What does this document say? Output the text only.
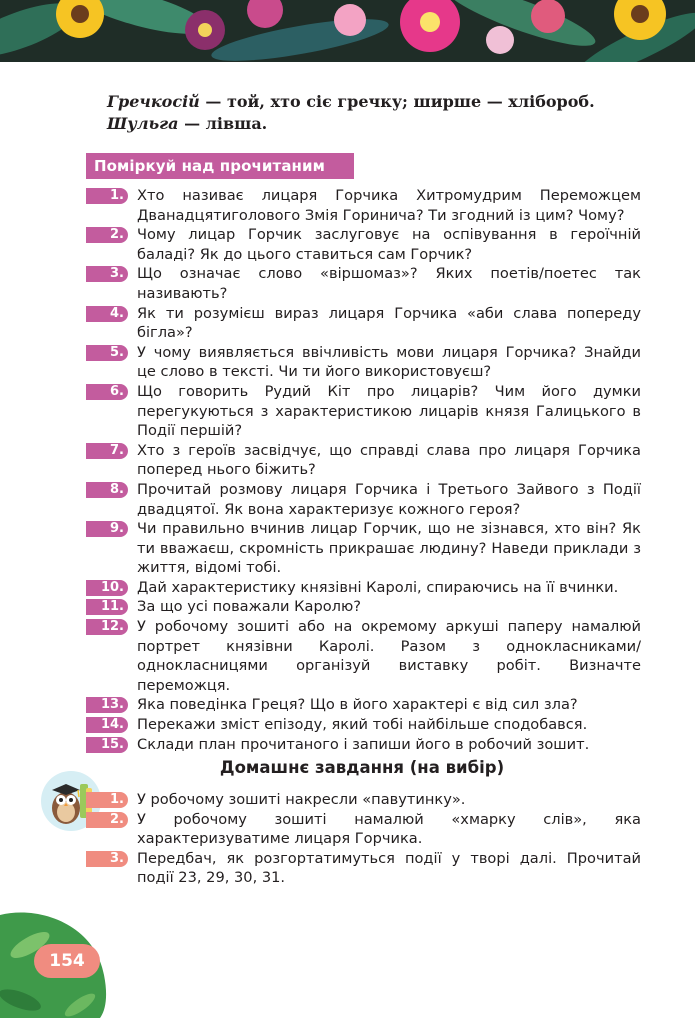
Гречкосій — той, хто сіє гречку; ширше — хлібороб.

Шульга — лівша.

Поміркуй над прочитаним
1. Хто називає лицаря Горчика Хитромудрим Переможцем Дванадцятиголового Змія Горинича? Ти згодний із цим? Чому?
2. Чому лицар Горчик заслуговує на оспівування в героїчній баладі? Як до цього ставиться сам Горчик?
3. Що означає слово «віршомаз»? Яких поетів/поетес так називають?
4. Як ти розумієш вираз лицаря Горчика «аби слава попереду бігла»?
5. У чому виявляється ввічливість мови лицаря Горчика? Знайди це слово в тексті. Чи ти його використовуєш?
6. Що говорить Рудий Кіт про лицарів? Чим його думки перегукуються з характеристикою лицарів князя Галицького в Події першій?
7. Хто з героїв засвідчує, що справді слава про лицаря Горчика поперед нього біжить?
8. Прочитай розмову лицаря Горчика і Третього Зайвого з Події двадцятої. Як вона характеризує кожного героя?
9. Чи правильно вчинив лицар Горчик, що не зізнався, хто він? Як ти вважаєш, скромність прикрашає людину? Наведи приклади з життя, відомі тобі.
10. Дай характеристику князівні Каролі, спираючись на її вчинки.
11. За що усі поважали Каролю?
12. У робочому зошиті або на окремому аркуші паперу намалюй портрет князівни Каролі. Разом з однокласниками/однокласницями організуй виставку робіт. Визначте переможця.
13. Яка поведінка Греця? Що в його характері є від сил зла?
14. Перекажи зміст епізоду, який тобі найбільше сподобався.
15. Склади план прочитаного і запиши його в робочий зошит.
Домашнє завдання (на вибір)
1. У робочому зошиті накресли «павутинку».
2. У робочому зошиті намалюй «хмарку слів», яка характеризуватиме лицаря Горчика.
3. Передбач, як розгортатимуться події у творі далі. Прочитай події 23, 29, 30, 31.
154
